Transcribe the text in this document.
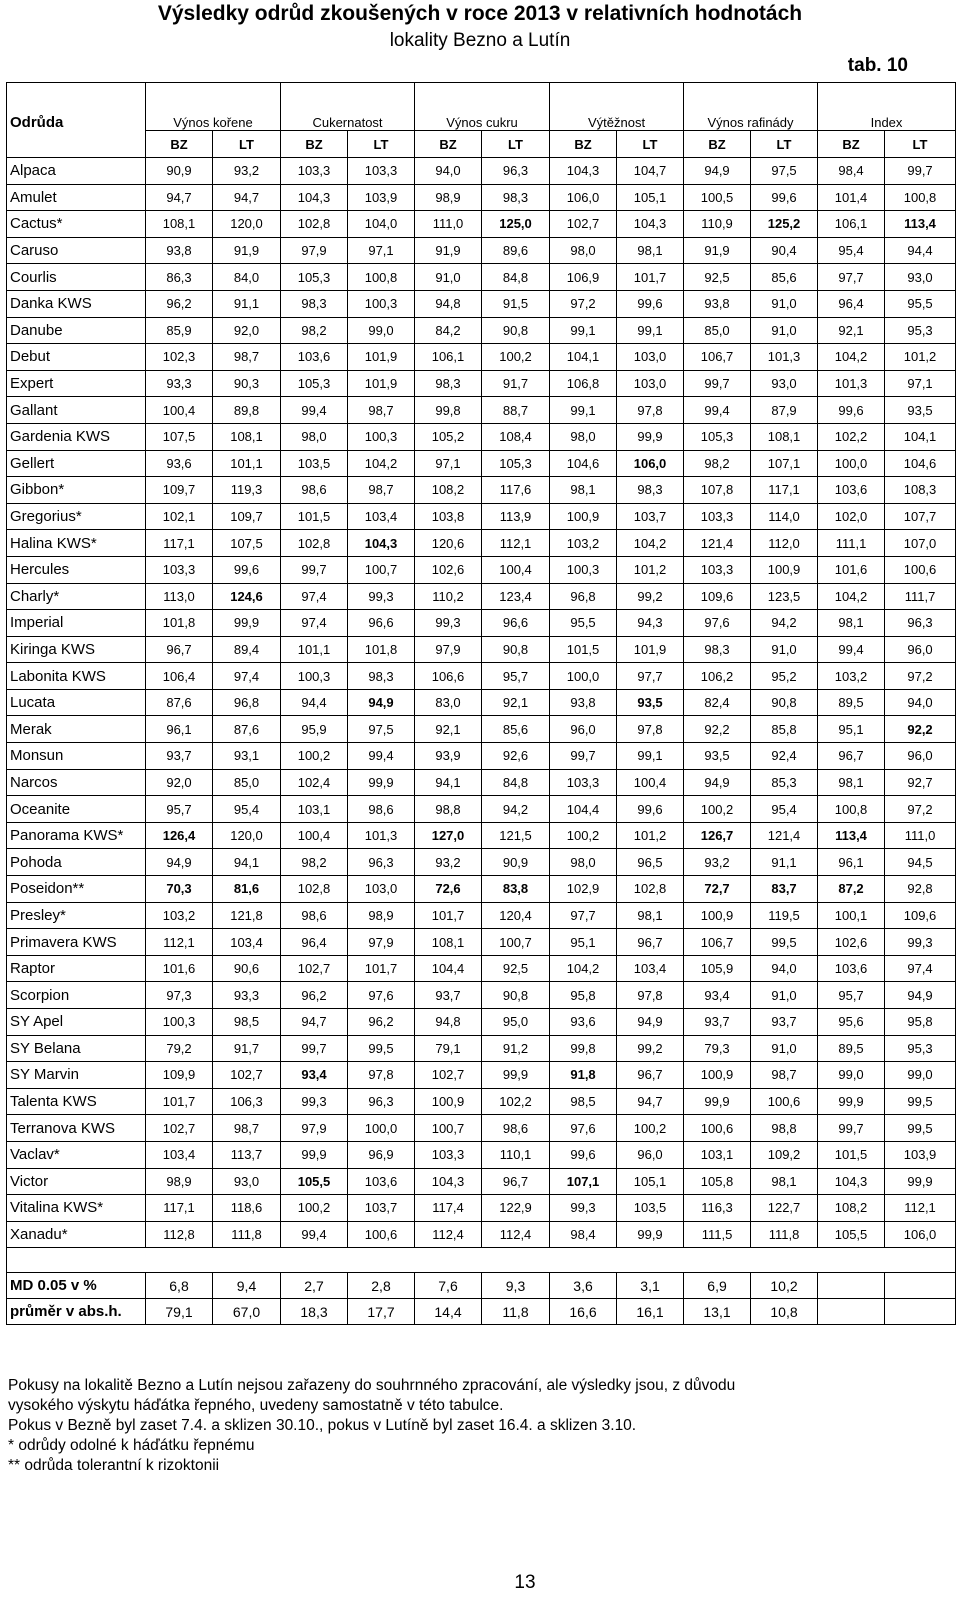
Výsledky odrůd zkoušených v roce 2013 v relativních hodnotách
lokality Bezno a Lutín
tab. 10
Odrůda	Výnos kořene		Cukernatost		Výnos cukru		Výtěžnost		Výnos rafinády		Index	
	BZ	LT	BZ	LT	BZ	LT	BZ	LT	BZ	LT	BZ	LT
Alpaca	90,9	93,2	103,3	103,3	94,0	96,3	104,3	104,7	94,9	97,5	98,4	99,7
Amulet	94,7	94,7	104,3	103,9	98,9	98,3	106,0	105,1	100,5	99,6	101,4	100,8
Cactus*	108,1	120,0	102,8	104,0	111,0	125,0	102,7	104,3	110,9	125,2	106,1	113,4
Caruso	93,8	91,9	97,9	97,1	91,9	89,6	98,0	98,1	91,9	90,4	95,4	94,4
Courlis	86,3	84,0	105,3	100,8	91,0	84,8	106,9	101,7	92,5	85,6	97,7	93,0
Danka KWS	96,2	91,1	98,3	100,3	94,8	91,5	97,2	99,6	93,8	91,0	96,4	95,5
Danube	85,9	92,0	98,2	99,0	84,2	90,8	99,1	99,1	85,0	91,0	92,1	95,3
Debut	102,3	98,7	103,6	101,9	106,1	100,2	104,1	103,0	106,7	101,3	104,2	101,2
Expert	93,3	90,3	105,3	101,9	98,3	91,7	106,8	103,0	99,7	93,0	101,3	97,1
Gallant	100,4	89,8	99,4	98,7	99,8	88,7	99,1	97,8	99,4	87,9	99,6	93,5
Gardenia KWS	107,5	108,1	98,0	100,3	105,2	108,4	98,0	99,9	105,3	108,1	102,2	104,1
Gellert	93,6	101,1	103,5	104,2	97,1	105,3	104,6	106,0	98,2	107,1	100,0	104,6
Gibbon*	109,7	119,3	98,6	98,7	108,2	117,6	98,1	98,3	107,8	117,1	103,6	108,3
Gregorius*	102,1	109,7	101,5	103,4	103,8	113,9	100,9	103,7	103,3	114,0	102,0	107,7
Halina KWS*	117,1	107,5	102,8	104,3	120,6	112,1	103,2	104,2	121,4	112,0	111,1	107,0
Hercules	103,3	99,6	99,7	100,7	102,6	100,4	100,3	101,2	103,3	100,9	101,6	100,6
Charly*	113,0	124,6	97,4	99,3	110,2	123,4	96,8	99,2	109,6	123,5	104,2	111,7
Imperial	101,8	99,9	97,4	96,6	99,3	96,6	95,5	94,3	97,6	94,2	98,1	96,3
Kiringa KWS	96,7	89,4	101,1	101,8	97,9	90,8	101,5	101,9	98,3	91,0	99,4	96,0
Labonita KWS	106,4	97,4	100,3	98,3	106,6	95,7	100,0	97,7	106,2	95,2	103,2	97,2
Lucata	87,6	96,8	94,4	94,9	83,0	92,1	93,8	93,5	82,4	90,8	89,5	94,0
Merak	96,1	87,6	95,9	97,5	92,1	85,6	96,0	97,8	92,2	85,8	95,1	92,2
Monsun	93,7	93,1	100,2	99,4	93,9	92,6	99,7	99,1	93,5	92,4	96,7	96,0
Narcos	92,0	85,0	102,4	99,9	94,1	84,8	103,3	100,4	94,9	85,3	98,1	92,7
Oceanite	95,7	95,4	103,1	98,6	98,8	94,2	104,4	99,6	100,2	95,4	100,8	97,2
Panorama KWS*	126,4	120,0	100,4	101,3	127,0	121,5	100,2	101,2	126,7	121,4	113,4	111,0
Pohoda	94,9	94,1	98,2	96,3	93,2	90,9	98,0	96,5	93,2	91,1	96,1	94,5
Poseidon**	70,3	81,6	102,8	103,0	72,6	83,8	102,9	102,8	72,7	83,7	87,2	92,8
Presley*	103,2	121,8	98,6	98,9	101,7	120,4	97,7	98,1	100,9	119,5	100,1	109,6
Primavera KWS	112,1	103,4	96,4	97,9	108,1	100,7	95,1	96,7	106,7	99,5	102,6	99,3
Raptor	101,6	90,6	102,7	101,7	104,4	92,5	104,2	103,4	105,9	94,0	103,6	97,4
Scorpion	97,3	93,3	96,2	97,6	93,7	90,8	95,8	97,8	93,4	91,0	95,7	94,9
SY Apel	100,3	98,5	94,7	96,2	94,8	95,0	93,6	94,9	93,7	93,7	95,6	95,8
SY Belana	79,2	91,7	99,7	99,5	79,1	91,2	99,8	99,2	79,3	91,0	89,5	95,3
SY Marvin	109,9	102,7	93,4	97,8	102,7	99,9	91,8	96,7	100,9	98,7	99,0	99,0
Talenta KWS	101,7	106,3	99,3	96,3	100,9	102,2	98,5	94,7	99,9	100,6	99,9	99,5
Terranova KWS	102,7	98,7	97,9	100,0	100,7	98,6	97,6	100,2	100,6	98,8	99,7	99,5
Vaclav*	103,4	113,7	99,9	96,9	103,3	110,1	99,6	96,0	103,1	109,2	101,5	103,9
Victor	98,9	93,0	105,5	103,6	104,3	96,7	107,1	105,1	105,8	98,1	104,3	99,9
Vitalina KWS*	117,1	118,6	100,2	103,7	117,4	122,9	99,3	103,5	116,3	122,7	108,2	112,1
Xanadu*	112,8	111,8	99,4	100,6	112,4	112,4	98,4	99,9	111,5	111,8	105,5	106,0

MD 0.05 v %	6,8	9,4	2,7	2,8	7,6	9,3	3,6	3,1	6,9	10,2		
průměr v abs.h.	79,1	67,0	18,3	17,7	14,4	11,8	16,6	16,1	13,1	10,8		
Pokusy na lokalitě Bezno a Lutín nejsou zařazeny do souhrnného zpracování, ale výsledky jsou, z důvodu
vysokého výskytu háďátka řepného, uvedeny samostatně v této tabulce.
Pokus v Bezně byl zaset 7.4. a sklizen 30.10., pokus v Lutíně byl zaset 16.4. a sklizen 3.10.
* odrůdy odolné k háďátku řepnému
** odrůda tolerantní k rizoktonii
13
